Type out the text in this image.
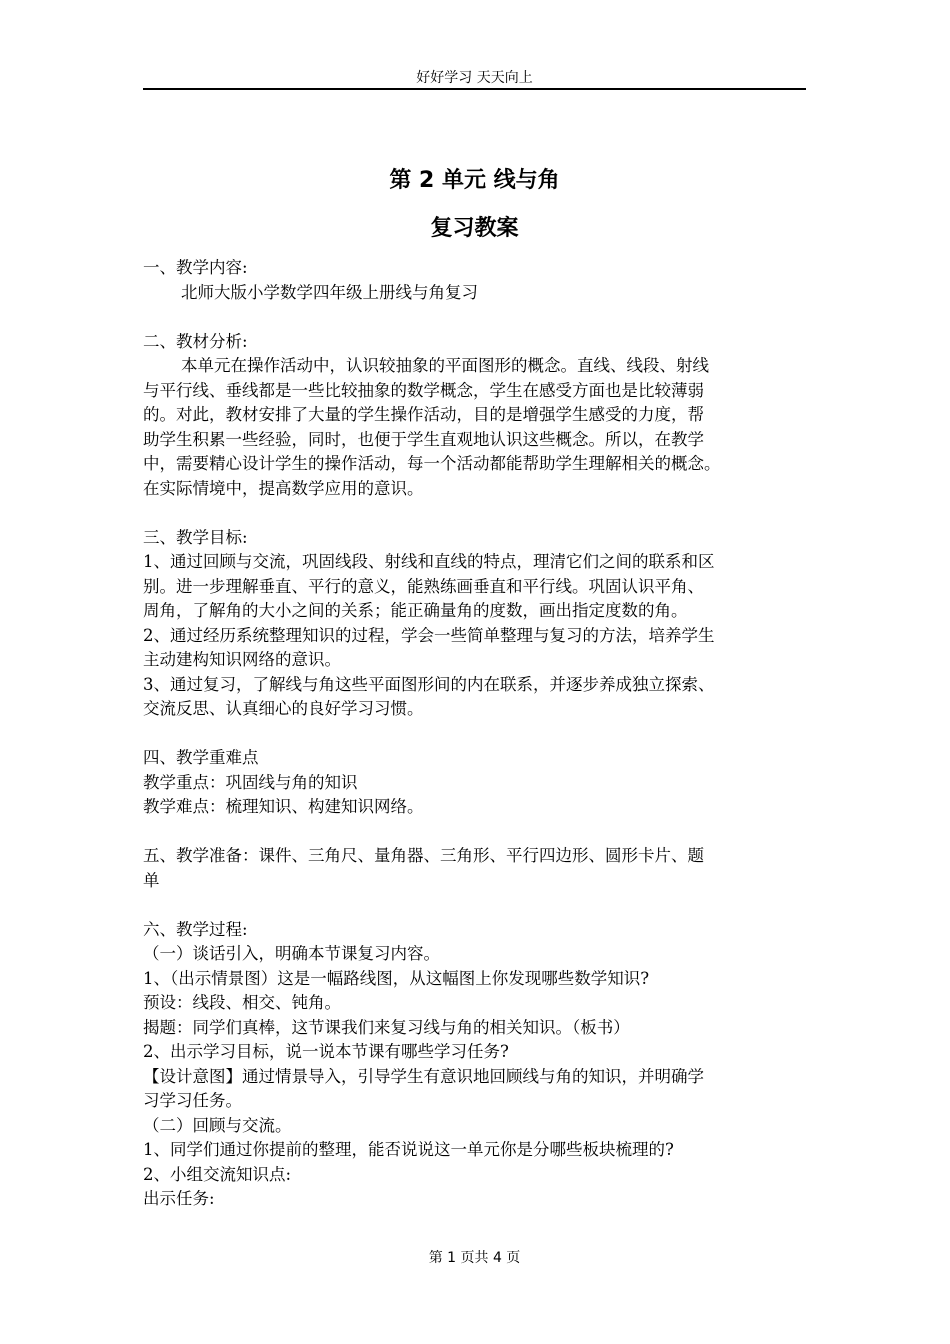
好好学习 天天向上
第 2 单元 线与角
复习教案

一、教学内容:

北师大版小学数学四年级上册线与角复习

二、教材分析:

本单元在操作活动中，认识较抽象的平面图形的概念。直线、线段、射线

与平行线、垂线都是一些比较抽象的数学概念，学生在感受方面也是比较薄弱

的。对此，教材安排了大量的学生操作活动，目的是增强学生感受的力度，帮

助学生积累一些经验，同时，也便于学生直观地认识这些概念。所以，在教学

中，需要精心设计学生的操作活动，每一个活动都能帮助学生理解相关的概念。

在实际情境中，提高数学应用的意识。

三、教学目标:

1、通过回顾与交流，巩固线段、射线和直线的特点，理清它们之间的联系和区

别。进一步理解垂直、平行的意义，能熟练画垂直和平行线。巩固认识平角、

周角，了解角的大小之间的关系；能正确量角的度数，画出指定度数的角。

2、通过经历系统整理知识的过程，学会一些简单整理与复习的方法，培养学生

主动建构知识网络的意识。

3、通过复习，了解线与角这些平面图形间的内在联系，并逐步养成独立探索、

交流反思、认真细心的良好学习习惯。

四、教学重难点

教学重点：巩固线与角的知识

教学难点：梳理知识、构建知识网络。

五、教学准备：课件、三角尺、量角器、三角形、平行四边形、圆形卡片、题

单

六、教学过程:

（一）谈话引入，明确本节课复习内容。

1、（出示情景图）这是一幅路线图，从这幅图上你发现哪些数学知识?

预设：线段、相交、钝角。

揭题：同学们真棒，这节课我们来复习线与角的相关知识。（板书）

2、出示学习目标，说一说本节课有哪些学习任务?

【设计意图】通过情景导入，引导学生有意识地回顾线与角的知识，并明确学

习学习任务。

（二）回顾与交流。

1、同学们通过你提前的整理，能否说说这一单元你是分哪些板块梳理的?

2、小组交流知识点:

出示任务:

第 1 页共 4 页
